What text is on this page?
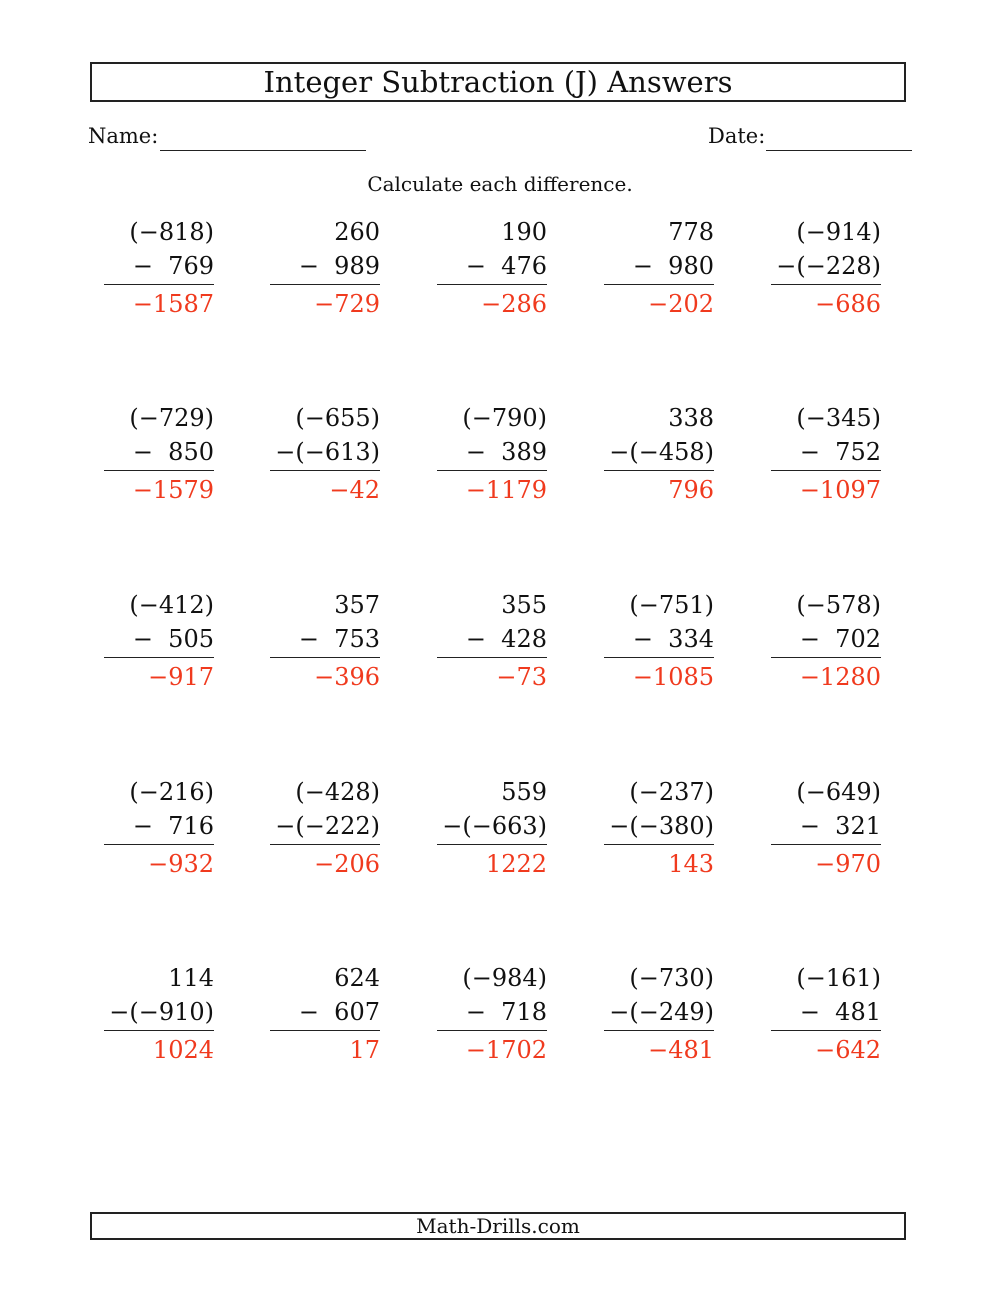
Integer Subtraction (J) Answers
Name:	Date:
Calculate each difference.
(−818)
−  769
−1587
260
−  989
−729
190
−  476
−286
778
−  980
−202
(−914)
−(−228)
−686
(−729)
−  850
−1579
(−655)
−(−613)
−42
(−790)
−  389
−1179
338
−(−458)
796
(−345)
−  752
−1097
(−412)
−  505
−917
357
−  753
−396
355
−  428
−73
(−751)
−  334
−1085
(−578)
−  702
−1280
(−216)
−  716
−932
(−428)
−(−222)
−206
559
−(−663)
1222
(−237)
−(−380)
143
(−649)
−  321
−970
114
−(−910)
1024
624
−  607
17
(−984)
−  718
−1702
(−730)
−(−249)
−481
(−161)
−  481
−642
Math-Drills.com
